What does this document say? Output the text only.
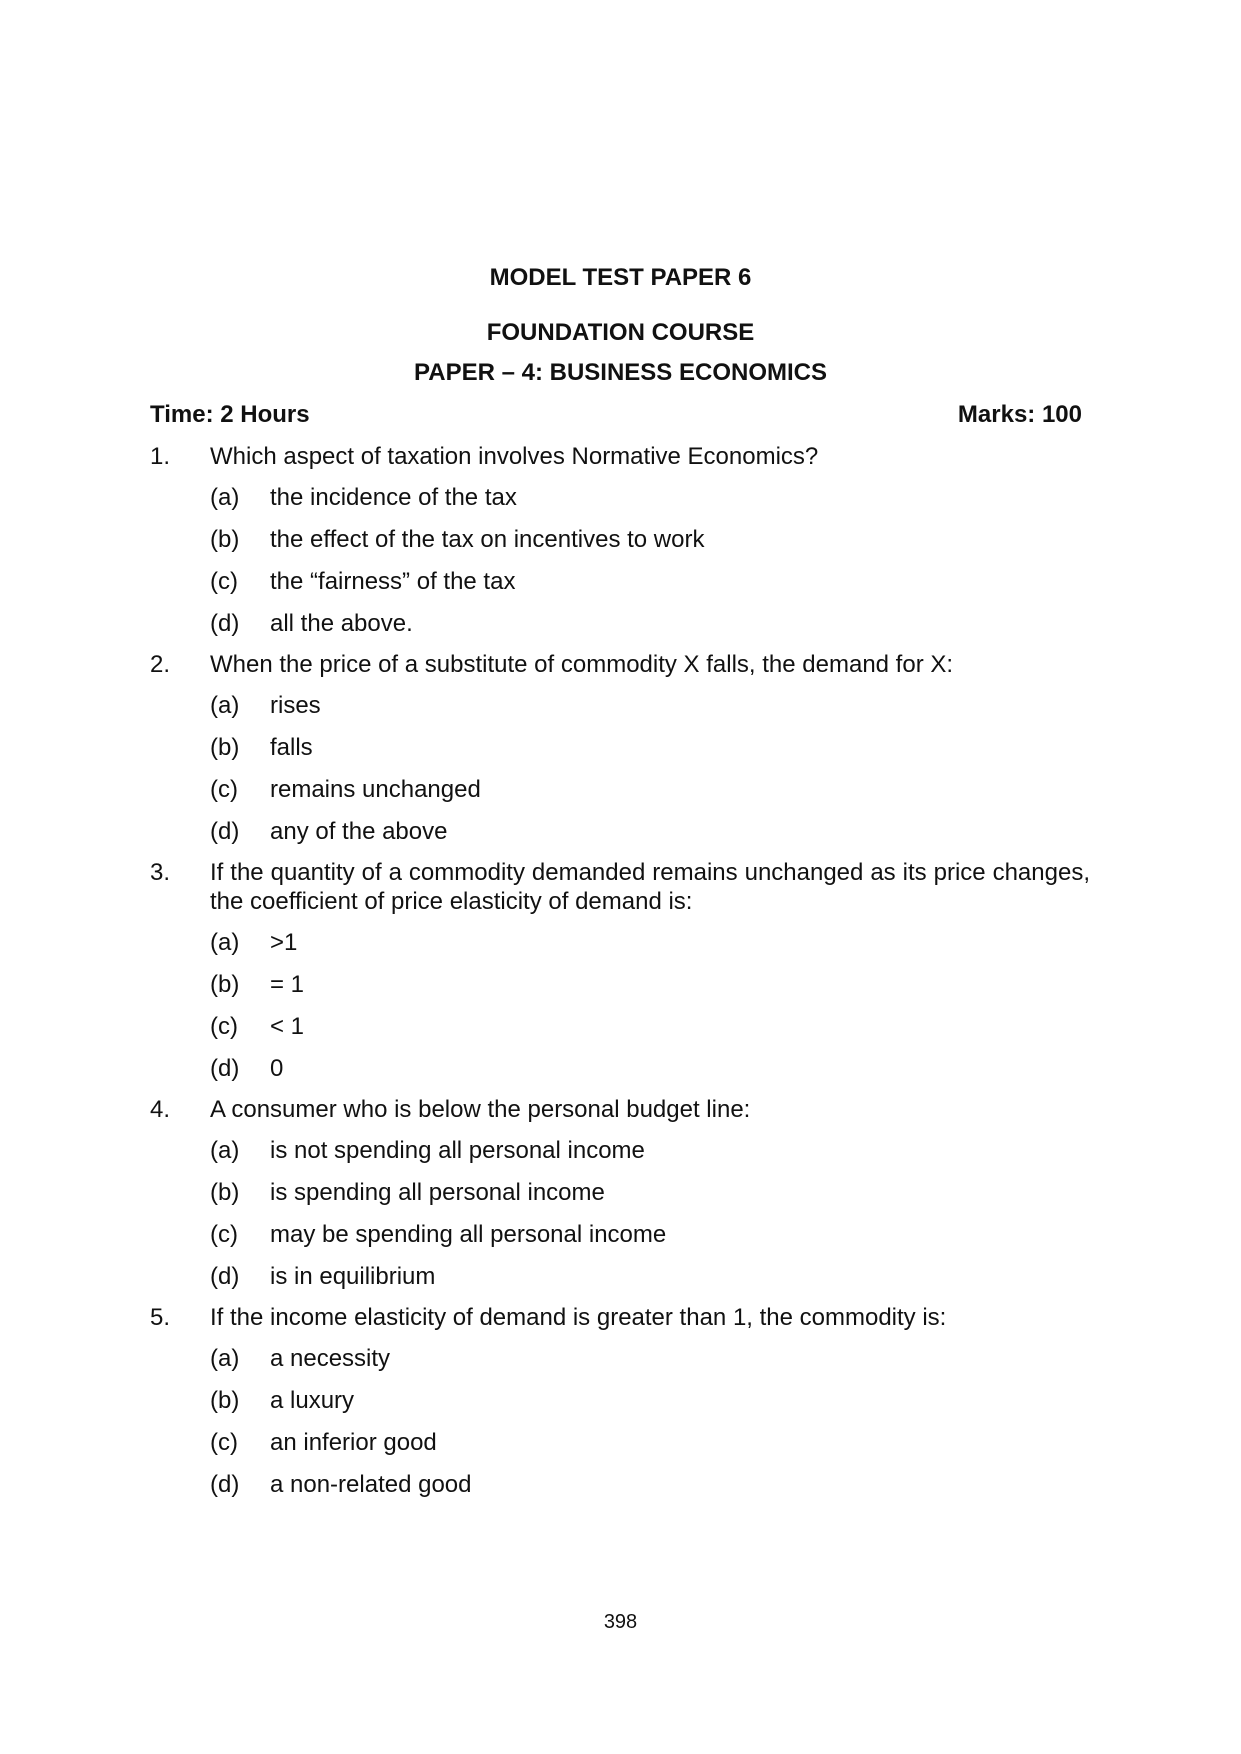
MODEL TEST PAPER 6
FOUNDATION COURSE
PAPER – 4: BUSINESS ECONOMICS
Time: 2 Hours	Marks: 100
1. Which aspect of taxation involves Normative Economics?
(a) the incidence of the tax
(b) the effect of the tax on incentives to work
(c) the “fairness” of the tax
(d) all the above.
2. When the price of a substitute of commodity X falls, the demand for X:
(a) rises
(b) falls
(c) remains unchanged
(d) any of the above
3. If the quantity of a commodity demanded remains unchanged as its price changes, the coefficient of price elasticity of demand is:
(a) >1
(b) = 1
(c) < 1
(d) 0
4. A consumer who is below the personal budget line:
(a) is not spending all personal income
(b) is spending all personal income
(c) may be spending all personal income
(d) is in equilibrium
5. If the income elasticity of demand is greater than 1, the commodity is:
(a) a necessity
(b) a luxury
(c) an inferior good
(d) a non-related good
398
